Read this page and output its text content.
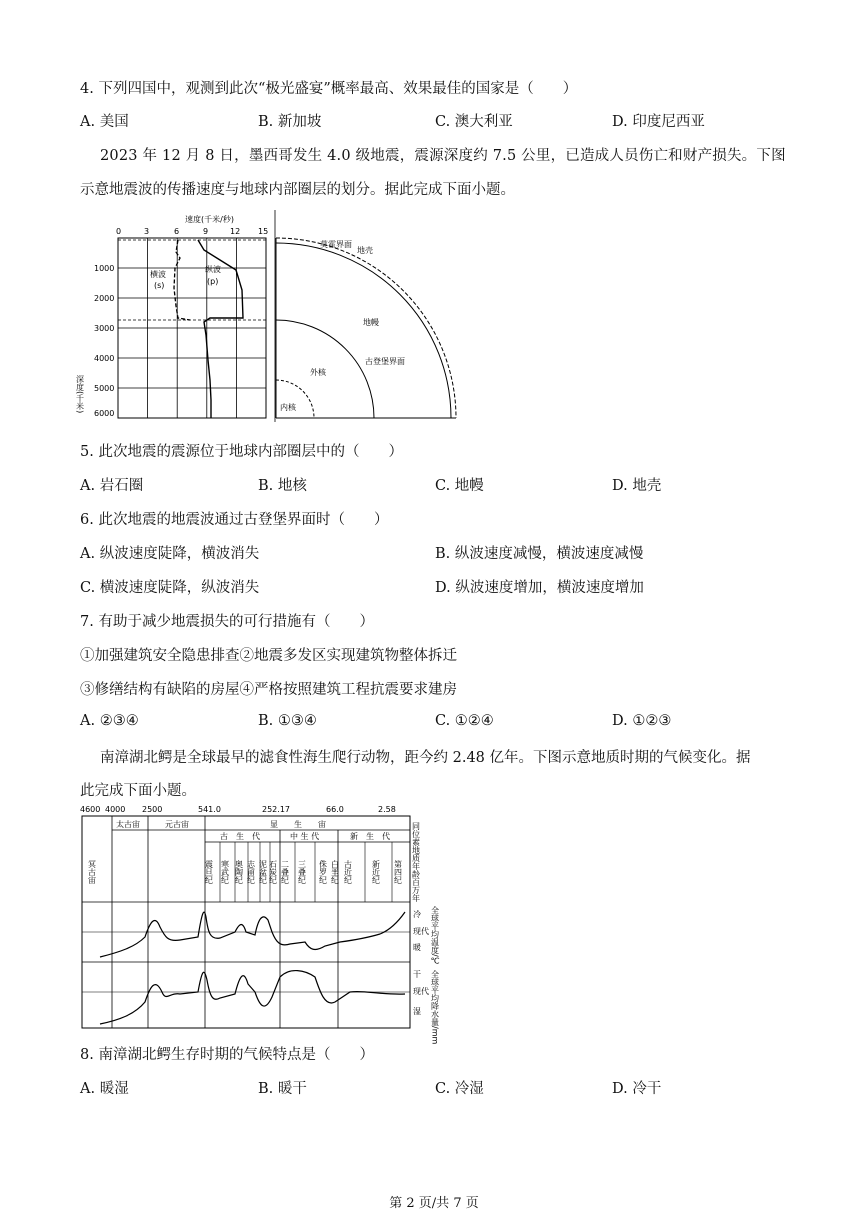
4. 下列四国中，观测到此次“极光盛宴”概率最高、效果最佳的国家是（　　）
A. 美国	B. 新加坡	C. 澳大利亚	D. 印度尼西亚
2023 年 12 月 8 日，墨西哥发生 4.0 级地震，震源深度约 7.5 公里，已造成人员伤亡和财产损失。下图
示意地震波的传播速度与地球内部圈层的划分。据此完成下面小题。
速度(千米/秒)
0	3	6	9	12 15
1000
2000
3000
4000
5000
6000
深度(千米)
横波
(s)
纵波
(p)
地壳
莫霍界面
地幔
古登堡界面
外核
内核
5. 此次地震的震源位于地球内部圈层中的（　　）
A. 岩石圈	B. 地核	C. 地幔	D. 地壳
6. 此次地震的地震波通过古登堡界面时（　　）
A. 纵波速度陡降，横波消失	B. 纵波速度减慢，横波速度减慢
C. 横波速度陡降，纵波消失	D. 纵波速度增加，横波速度增加
7. 有助于减少地震损失的可行措施有（　　）
①加强建筑安全隐患排查②地震多发区实现建筑物整体拆迁
③修缮结构有缺陷的房屋④严格按照建筑工程抗震要求建房
A. ②③④	B. ①③④	C. ①②④	D. ①②③
南漳湖北鳄是全球最早的滤食性海生爬行动物，距今约 2.48 亿年。下图示意地质时期的气候变化。据
此完成下面小题。
4600 4000 2500	541.0	252.17	66.0	2.58
冥古宙
太古宙	元古宙	显　　生　　宙
古　生　代	中 生 代	新　生　代
震旦纪 寒武纪 奥陶纪 志留纪 泥盆纪 石炭纪 二叠纪 三叠纪 侏罗纪 白垩纪 古近纪 新近纪 第四纪 同位素地质年龄百万年
全球平均温度/℃
全球平均降水量/mm
冷
现代
暖
干
现代
湿
8. 南漳湖北鳄生存时期的气候特点是（　　）
A. 暖湿	B. 暖干	C. 冷湿	D. 冷干
第 2 页/共 7 页
